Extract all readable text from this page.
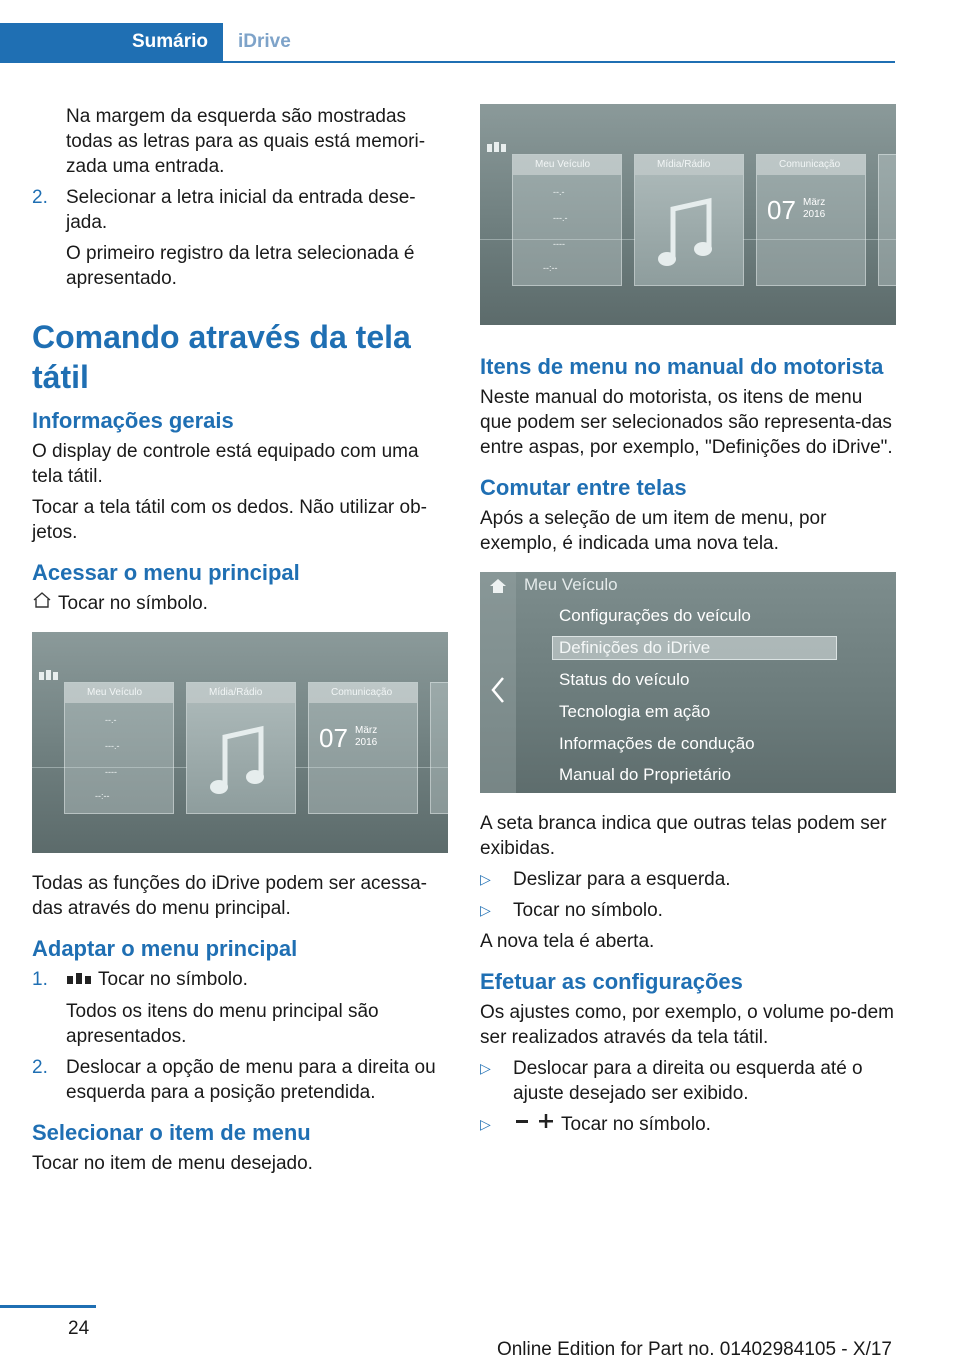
Sumário	iDrive

Na margem da esquerda são mostradas todas as letras para as quais está memori‐zada uma entrada.

2. Selecionar a letra inicial da entrada dese‐jada.

O primeiro registro da letra selecionada é apresentado.

Comando através da tela tátil
Informações gerais

O display de controle está equipado com uma tela tátil.

Tocar a tela tátil com os dedos. Não utilizar ob‐jetos.

Acessar o menu principal

Tocar no símbolo.

Meu Veículo
--.-
---.-
----
--:--
Mídia/Rádio	Comunicação
07 März
2016

Todas as funções do iDrive podem ser acessa‐das através do menu principal.

Adaptar o menu principal
1.	Tocar no símbolo.

Todos os itens do menu principal são apresentados.

2. Deslocar a opção de menu para a direita ou esquerda para a posição pretendida.
Selecionar o item de menu

Tocar no item de menu desejado.

Meu Veículo
--.-
---.-
----
--:--
Mídia/Rádio	Comunicação
07 März
2016
Itens de menu no manual do motorista

Neste manual do motorista, os itens de menu que podem ser selecionados são representa‐das entre aspas, por exemplo, "Definições do iDrive".

Comutar entre telas

Após a seleção de um item de menu, por exemplo, é indicada uma nova tela.

Meu Veículo
Configurações do veículo
Definições do iDrive
Status do veículo
Tecnologia em ação
Informações de condução
Manual do Proprietário

A seta branca indica que outras telas podem ser exibidas.

▷	Deslizar para a esquerda.
▷	Tocar no símbolo.

A nova tela é aberta.

Efetuar as configurações

Os ajustes como, por exemplo, o volume po‐dem ser realizados através da tela tátil.

▷	Deslocar para a direita ou esquerda até o ajuste desejado ser exibido.
▷	Tocar no símbolo.
24
Online Edition for Part no. 01402984105 - X/17
